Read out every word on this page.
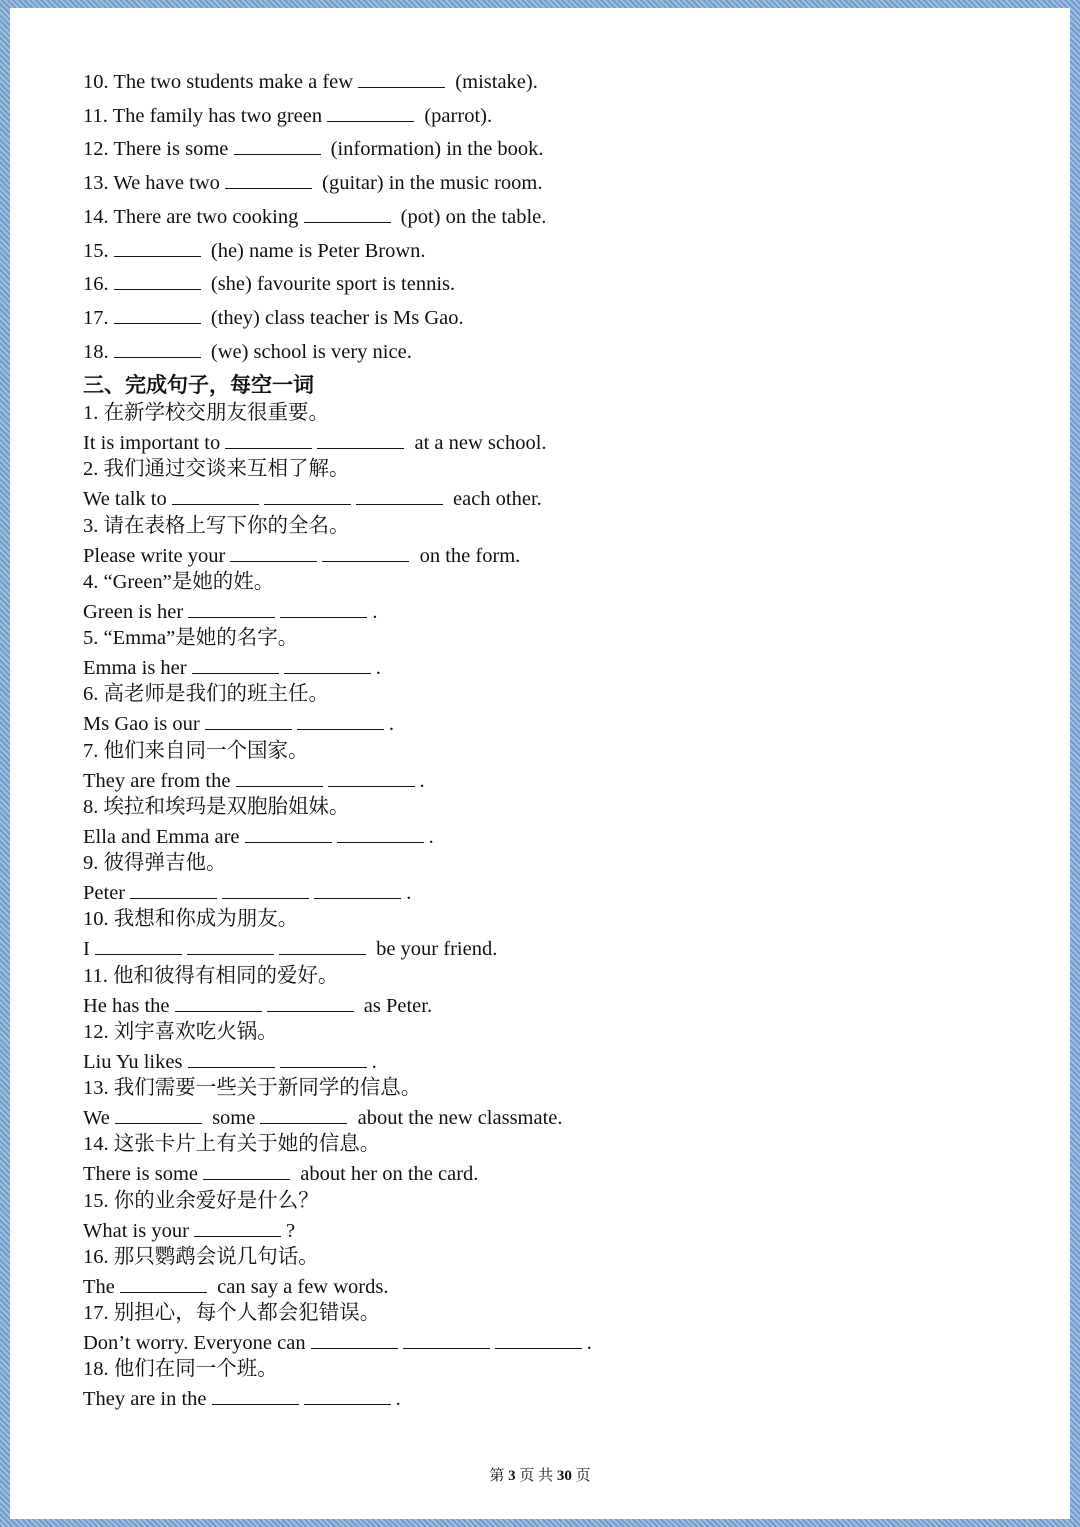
10. The two students make a few	(mistake).
11. The family has two green	(parrot).
12. There is some	(information) in the book.
13. We have two	(guitar) in the music room.
14. There are two cooking	(pot) on the table.
15.	(he) name is Peter Brown.
16.	(she) favourite sport is tennis.
17.	(they) class teacher is Ms Gao.
18.	(we) school is very nice.
三、完成句子，每空一词
1. 在新学校交朋友很重要。
It is important to	at a new school.
2. 我们通过交谈来互相了解。
We talk to	each other.
3. 请在表格上写下你的全名。
Please write your	on the form.
4. “Green”是她的姓。
Green is her	.
5. “Emma”是她的名字。
Emma is her	.
6. 高老师是我们的班主任。
Ms Gao is our	.
7. 他们来自同一个国家。
They are from the	.
8. 埃拉和埃玛是双胞胎姐妹。
Ella and Emma are	.
9. 彼得弹吉他。
Peter	.
10. 我想和你成为朋友。
I	be your friend.
11. 他和彼得有相同的爱好。
He has the	as Peter.
12. 刘宇喜欢吃火锅。
Liu Yu likes	.
13. 我们需要一些关于新同学的信息。
We	some	about the new classmate.
14. 这张卡片上有关于她的信息。
There is some	about her on the card.
15. 你的业余爱好是什么？
What is your	?
16. 那只鹦鹉会说几句话。
The	can say a few words.
17. 别担心，每个人都会犯错误。
Don’t worry. Everyone can	.
18. 他们在同一个班。
They are in the	.
第 3 页 共 30 页
